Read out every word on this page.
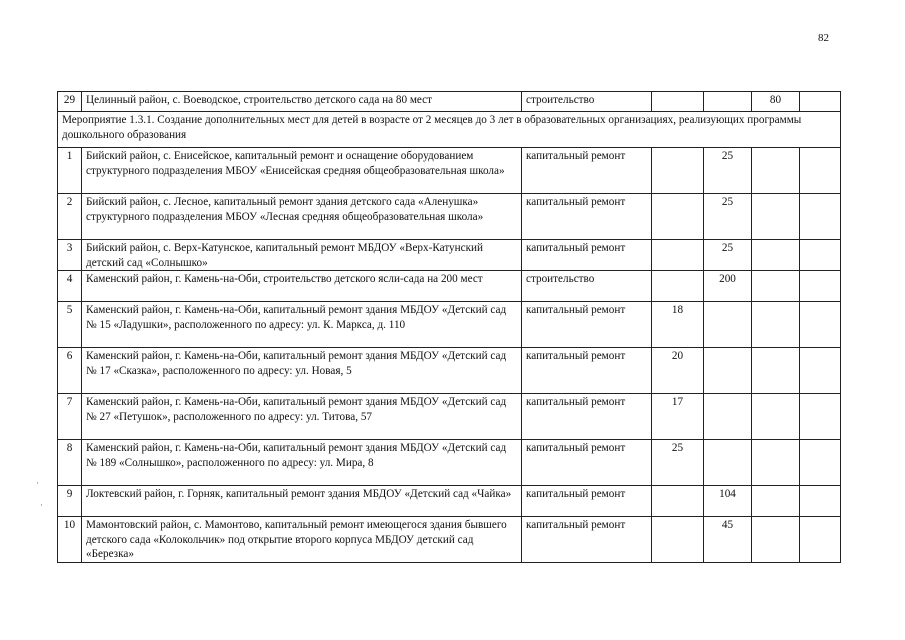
82
29	Целинный район, с. Воеводское, строительство детского сада на 80 мест	строительство			80	
Мероприятие 1.3.1. Создание дополнительных мест для детей в возрасте от 2 месяцев до 3 лет в образовательных организациях, реализующих программы дошкольного образования						
1	Бийский район, с. Енисейское, капитальный ремонт и оснащение оборудованием структурного подразделения МБОУ «Енисейская средняя общеобразовательная школа»	капитальный ремонт		25		
2	Бийский район, с. Лесное, капитальный ремонт здания детского сада «Аленушка» структурного подразделения МБОУ «Лесная средняя общеобразовательная школа»	капитальный ремонт		25		
3	Бийский район, с. Верх-Катунское, капитальный ремонт МБДОУ «Верх-Катунский детский сад «Солнышко»	капитальный ремонт		25		
4	Каменский район, г. Камень-на-Оби, строительство детского ясли-сада на 200 мест	строительство		200		
5	Каменский район, г. Камень-на-Оби, капитальный ремонт здания МБДОУ «Детский сад № 15 «Ладушки», расположенного по адресу: ул. К. Маркса, д. 110	капитальный ремонт	18			
6	Каменский район, г. Камень-на-Оби, капитальный ремонт здания МБДОУ «Детский сад № 17 «Сказка», расположенного по адресу: ул. Новая, 5	капитальный ремонт	20			
7	Каменский район, г. Камень-на-Оби, капитальный ремонт здания МБДОУ «Детский сад № 27 «Петушок», расположенного по адресу: ул. Титова, 57	капитальный ремонт	17			
8	Каменский район, г. Камень-на-Оби, капитальный ремонт здания МБДОУ «Детский сад № 189 «Солнышко», расположенного по адресу: ул. Мира, 8	капитальный ремонт	25			
9	Локтевский район, г. Горняк, капитальный ремонт здания МБДОУ «Детский сад «Чайка»	капитальный ремонт		104		
10	Мамонтовский район, с. Мамонтово, капитальный ремонт имеющегося здания бывшего детского сада «Колокольчик» под открытие второго корпуса МБДОУ детский сад «Березка»	капитальный ремонт		45		
·
·
